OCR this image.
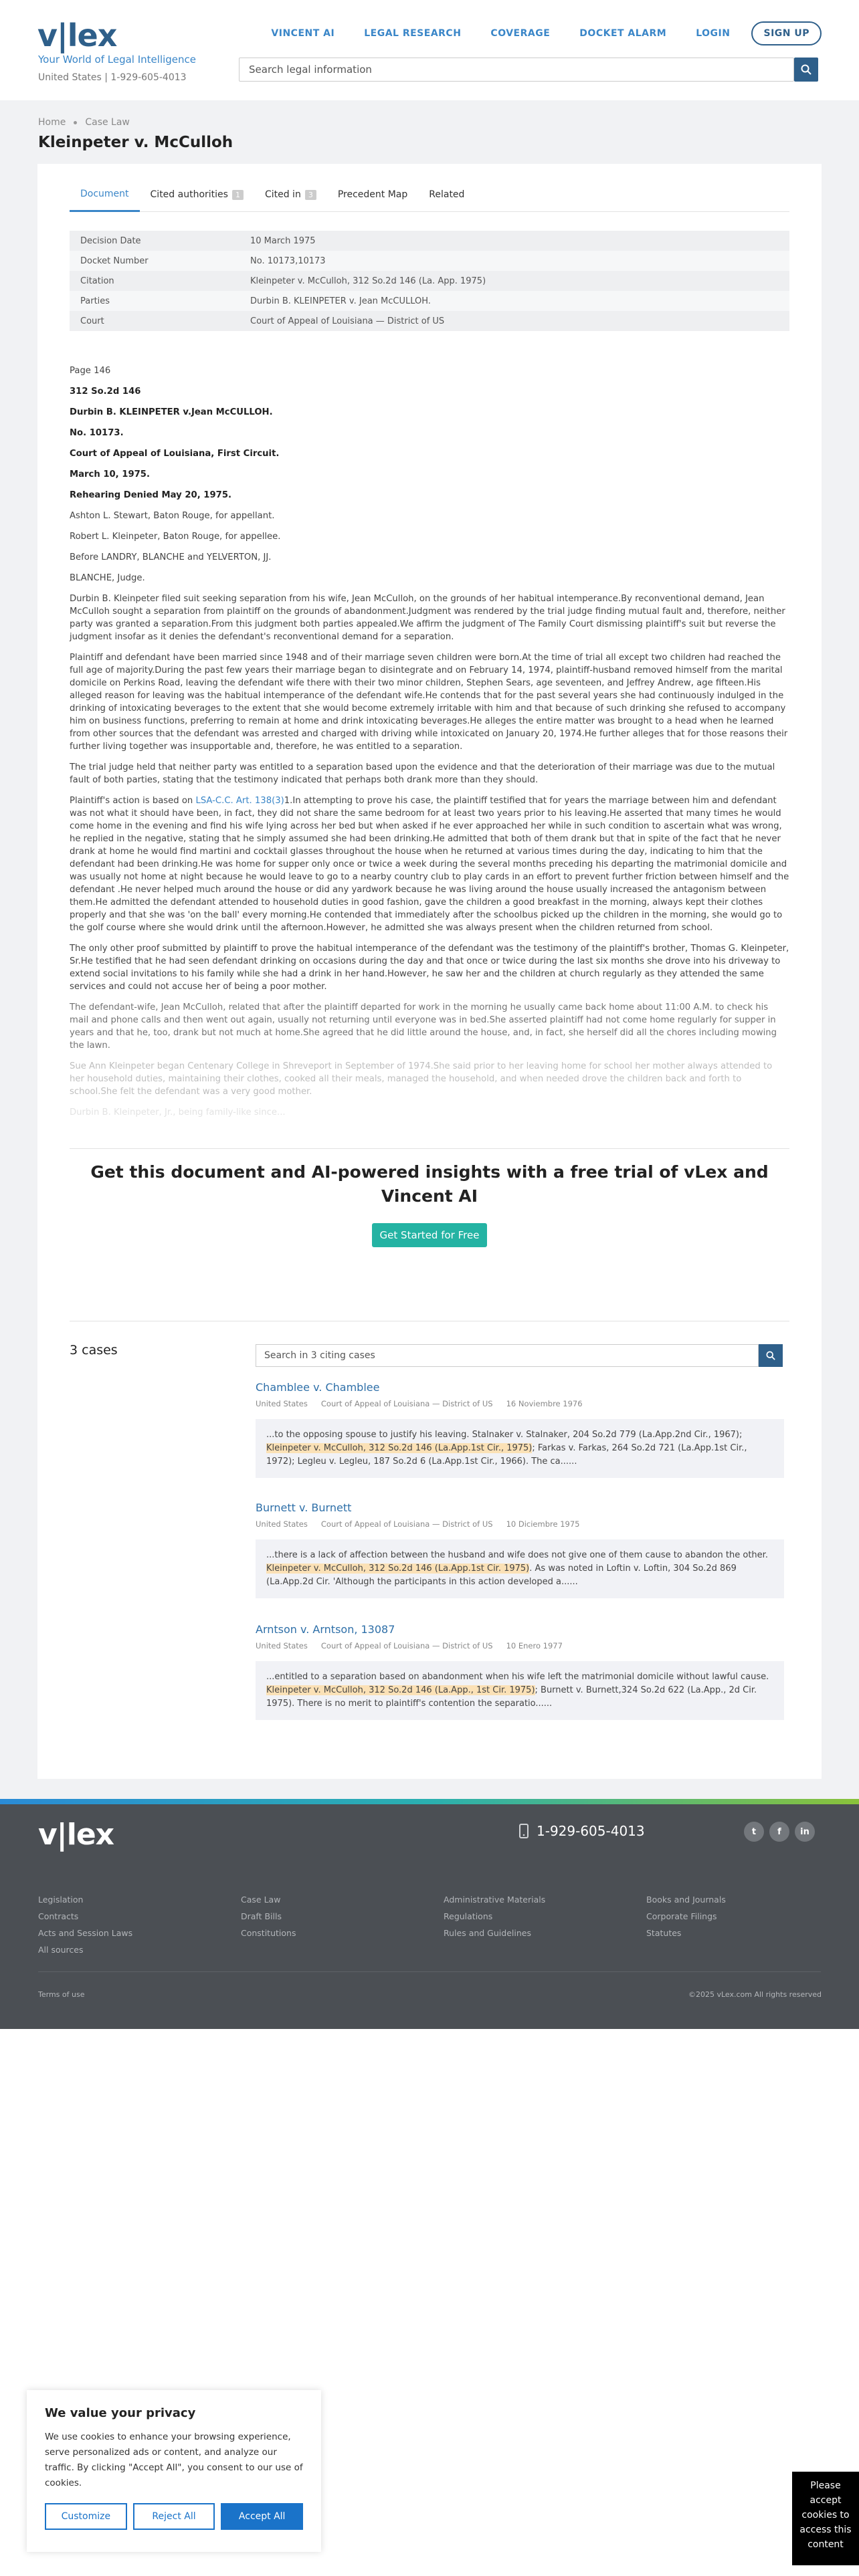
v|lex
Your World of Legal Intelligence
United States | 1-929-605-4013
VINCENT AI	LEGAL RESEARCH	COVERAGE	DOCKET ALARM	LOGIN	SIGN UP
Search legal information
Home Case Law
Kleinpeter v. McCulloh
Document Cited authorities	1	Cited in	3	Precedent Map Related
Decision Date	10 March 1975
Docket Number	No. 10173,10173
Citation	Kleinpeter v. McCulloh, 312 So.2d 146 (La. App. 1975)
Parties	Durbin B. KLEINPETER v. Jean McCULLOH.
Court	Court of Appeal of Louisiana — District of US

Page 146

312 So.2d 146

Durbin B. KLEINPETER v.Jean McCULLOH.

No. 10173.

Court of Appeal of Louisiana, First Circuit.

March 10, 1975.

Rehearing Denied May 20, 1975.

Ashton L. Stewart, Baton Rouge, for appellant.

Robert L. Kleinpeter, Baton Rouge, for appellee.

Before LANDRY, BLANCHE and YELVERTON, JJ.

BLANCHE, Judge.

Durbin B. Kleinpeter filed suit seeking separation from his wife, Jean McCulloh, on the grounds of her habitual intemperance.By reconventional demand, Jean McCulloh sought a separation from plaintiff on the grounds of abandonment.Judgment was rendered by the trial judge finding mutual fault and, therefore, neither party was granted a separation.From this judgment both parties appealed.We affirm the judgment of The Family Court dismissing plaintiff's suit but reverse the judgment insofar as it denies the defendant's reconventional demand for a separation.

Plaintiff and defendant have been married since 1948 and of their marriage seven children were born.At the time of trial all except two children had reached the full age of majority.During the past few years their marriage began to disintegrate and on February 14, 1974, plaintiff-husband removed himself from the marital domicile on Perkins Road, leaving the defendant wife there with their two minor children, Stephen Sears, age seventeen, and Jeffrey Andrew, age fifteen.His alleged reason for leaving was the habitual intemperance of the defendant wife.He contends that for the past several years she had continuously indulged in the drinking of intoxicating beverages to the extent that she would become extremely irritable with him and that because of such drinking she refused to accompany him on business functions, preferring to remain at home and drink intoxicating beverages.He alleges the entire matter was brought to a head when he learned from other sources that the defendant was arrested and charged with driving while intoxicated on January 20, 1974.He further alleges that for those reasons their further living together was insupportable and, therefore, he was entitled to a separation.

The trial judge held that neither party was entitled to a separation based upon the evidence and that the deterioration of their marriage was due to the mutual fault of both parties, stating that the testimony indicated that perhaps both drank more than they should.

Plaintiff's action is based on LSA-C.C. Art. 138(3)1.In attempting to prove his case, the plaintiff testified that for years the marriage between him and defendant was not what it should have been, in fact, they did not share the same bedroom for at least two years prior to his leaving.He asserted that many times he would come home in the evening and find his wife lying across her bed but when asked if he ever approached her while in such condition to ascertain what was wrong, he replied in the negative, stating that he simply assumed she had been drinking.He admitted that both of them drank but that in spite of the fact that he never drank at home he would find martini and cocktail glasses throughout the house when he returned at various times during the day, indicating to him that the defendant had been drinking.He was home for supper only once or twice a week during the several months preceding his departing the matrimonial domicile and was usually not home at night because he would leave to go to a nearby country club to play cards in an effort to prevent further friction between himself and the defendant .He never helped much around the house or did any yardwork because he was living around the house usually increased the antagonism between them.He admitted the defendant attended to household duties in good fashion, gave the children a good breakfast in the morning, always kept their clothes properly and that she was 'on the ball' every morning.He contended that immediately after the schoolbus picked up the children in the morning, she would go to the golf course where she would drink until the afternoon.However, he admitted she was always present when the children returned from school.

The only other proof submitted by plaintiff to prove the habitual intemperance of the defendant was the testimony of the plaintiff's brother, Thomas G. Kleinpeter, Sr.He testified that he had seen defendant drinking on occasions during the day and that once or twice during the last six months she drove into his driveway to extend social invitations to his family while she had a drink in her hand.However, he saw her and the children at church regularly as they attended the same services and could not accuse her of being a poor mother.

The defendant-wife, Jean McCulloh, related that after the plaintiff departed for work in the morning he usually came back home about 11:00 A.M. to check his mail and phone calls and then went out again, usually not returning until everyone was in bed.She asserted plaintiff had not come home regularly for supper in years and that he, too, drank but not much at home.She agreed that he did little around the house, and, in fact, she herself did all the chores including mowing the lawn.

Sue Ann Kleinpeter began Centenary College in Shreveport in September of 1974.She said prior to her leaving home for school her mother always attended to her household duties, maintaining their clothes, cooked all their meals, managed the household, and when needed drove the children back and forth to school.She felt the defendant was a very good mother.

Durbin B. Kleinpeter, Jr., being family-like since...

Get this document and AI-powered insights with a free trial of vLex and Vincent AI
Get Started for Free
3 cases	Search in 3 citing cases
Chamblee v. Chamblee
United States Court of Appeal of Louisiana — District of US 16 Noviembre 1976
...to the opposing spouse to justify his leaving. Stalnaker v. Stalnaker, 204 So.2d 779 (La.App.2nd Cir., 1967); Kleinpeter v. McCulloh, 312 So.2d 146 (La.App.1st Cir., 1975); Farkas v. Farkas, 264 So.2d 721 (La.App.1st Cir., 1972); Legleu v. Legleu, 187 So.2d 6 (La.App.1st Cir., 1966). The ca......
Burnett v. Burnett
United States Court of Appeal of Louisiana — District of US 10 Diciembre 1975
...there is a lack of affection between the husband and wife does not give one of them cause to abandon the other. Kleinpeter v. McCulloh, 312 So.2d 146 (La.App.1st Cir. 1975). As was noted in Loftin v. Loftin, 304 So.2d 869 (La.App.2d Cir. 'Although the participants in this action developed a......
Arntson v. Arntson, 13087
United States Court of Appeal of Louisiana — District of US 10 Enero 1977
...entitled to a separation based on abandonment when his wife left the matrimonial domicile without lawful cause. Kleinpeter v. McCulloh, 312 So.2d 146 (La.App., 1st Cir. 1975); Burnett v. Burnett,324 So.2d 622 (La.App., 2d Cir. 1975). There is no merit to plaintiff's contention the separatio......
v|lex	1-929-605-4013	t	f	in
Legislation
Contracts
Acts and Session Laws
All sources
Case Law
Draft Bills
Constitutions
Administrative Materials
Regulations
Rules and Guidelines
Books and Journals
Corporate Filings
Statutes
Terms of use	©2025 vLex.com All rights reserved
We value your privacy

We use cookies to enhance your browsing experience, serve personalized ads or content, and analyze our traffic. By clicking "Accept All", you consent to our use of cookies.

Customize	Reject All	Accept All
Please accept cookies to access this content
